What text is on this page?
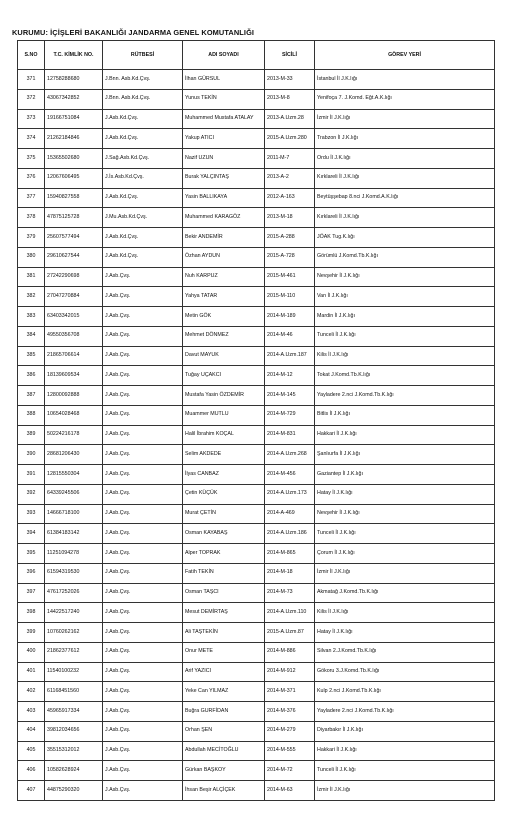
KURUMU: İÇİŞLERİ BAKANLIĞI JANDARMA GENEL KOMUTANLIĞI
S.NO	T.C. KİMLİK NO.	RÜTBESİ	ADI SOYADI	SİCİLİ	GÖREV YERİ
371	12758288680	J.Bnn. Asb.Kd.Çvş.	İlhan GÜRSUL	2013-M-33	İstanbul İl J.K.lığı
372	43067342852	J.Bnn. Asb.Kd.Çvş.	Yunus TEKİN	2013-M-8	Yenifoça 7. J.Komd. Eğt.A.K.lığı
373	19166751084	J.Asb.Kd.Çvş.	Muhammed Mustafa ATALAY	2013-A.Uzm.28	İzmir İl J.K.lığı
374	21262184846	J.Asb.Kd.Çvş.	Yakup ATICI	2015-A.Uzm.280	Trabzon İl J.K.lığı
375	15365502680	J.Sağ.Asb.Kd.Çvş.	Nazif UZUN	2011-M-7	Ordu İl J.K.lığı
376	12067606495	J.İs.Asb.Kd.Çvş.	Burak YALÇINTAŞ	2013-A-2	Kırklareli İl J.K.lığı
377	15940827558	J.Asb.Kd.Çvş.	Yasin BALLIKAYA	2012-A-163	Beytüşşebap 8.nci J.Komd.A.K.lığı
378	47875125728	J.Mu.Asb.Kd.Çvş.	Muhammed KARAGÖZ	2013-M-18	Kırklareli İl J.K.lığı
379	25607577494	J.Asb.Kd.Çvş.	Bekir ANDEMİR	2015-A-288	JÖAK Tug.K.lığı
380	29610627544	J.Asb.Kd.Çvş.	Özhan AYDUN	2015-A-728	Görümlü J.Komd.Tb.K.lığı
381	27242290698	J.Asb.Çvş.	Nuh KARPUZ	2015-M-461	Nevşehir İl J.K.lığı
382	27047270884	J.Asb.Çvş.	Yahya TATAR	2015-M-110	Van İl J.K.lığı
383	63403342015	J.Asb.Çvş.	Metin GÖK	2014-M-189	Mardin İl J.K.lığı
384	49550356708	J.Asb.Çvş.	Mehmet DÖNMEZ	2014-M-46	Tunceli İl J.K.lığı
385	21865706614	J.Asb.Çvş.	Davut MAYUK	2014-A.Uzm.187	Kilis İl J.K.lığı
386	18139609534	J.Asb.Çvş.	Tuğay UÇAKCI	2014-M-12	Tokat J.Komd.Tb.K.lığı
387	12800092888	J.Asb.Çvş.	Mustafa Yasin ÖZDEMİR	2014-M-145	Yayladere 2.nci J.Komd.Tb.K.lığı
388	10654028468	J.Asb.Çvş.	Muammer MUTLU	2014-M-729	Bitlis İl J.K.lığı
389	50224216178	J.Asb.Çvş.	Halil İbrahim KOÇAL	2014-M-831	Hakkari İl J.K.lığı
390	28681206430	J.Asb.Çvş.	Selim AKDEDE	2014-A.Uzm.268	Şanlıurfa İl J.K.lığı
391	12815550304	J.Asb.Çvş.	İlyas CANBAZ	2014-M-456	Gaziantep İl J.K.lığı
392	64339245506	J.Asb.Çvş.	Çetin KÜÇÜK	2014-A.Uzm.173	Hatay İl J.K.lığı
393	14666718100	J.Asb.Çvş.	Murat ÇETİN	2014-A-469	Nevşehir İl J.K.lığı
394	61384183142	J.Asb.Çvş.	Osman KAYABAŞ	2014-A.Uzm.186	Tunceli İl J.K.lığı
395	11251094278	J.Asb.Çvş.	Alper TOPRAK	2014-M-865	Çorum İl J.K.lığı
396	61594319530	J.Asb.Çvş.	Fatih TEKİN	2014-M-18	İzmir İl J.K.lığı
397	47617252026	J.Asb.Çvş.	Osman TAŞCI	2014-M-73	Akmatağ J.Komd.Tb.K.lığı
398	14422517240	J.Asb.Çvş.	Mesut DEMİRTAŞ	2014-A.Uzm.110	Kilis İl J.K.lığı
399	10760262162	J.Asb.Çvş.	Ali TAŞTEKİN	2015-A.Uzm.87	Hatay İl J.K.lığı
400	21862377612	J.Asb.Çvş.	Onur METE	2014-M-886	Silvan 2.J.Komd.Tb.K.lığı
401	11540100232	J.Asb.Çvş.	Arif YAZICI	2014-M-912	Gökoru 3.J.Komd.Tb.K.lığı
402	61168451560	J.Asb.Çvş.	Yeke Can YILMAZ	2014-M-371	Kulp 2.nci J.Komd.Tb.K.lığı
403	45965917334	J.Asb.Çvş.	Buğra GURFİDAN	2014-M-376	Yayladere 2.nci J.Komd.Tb.K.lığı
404	39812034656	J.Asb.Çvş.	Orhan ŞEN	2014-M-279	Diyarbakır İl J.K.lığı
405	35515312012	J.Asb.Çvş.	Abdullah MECİTOĞLU	2014-M-555	Hakkari İl J.K.lığı
406	10582628924	J.Asb.Çvş.	Gürkan BAŞKOY	2014-M-72	Tunceli İl J.K.lığı
407	44875290320	J.Asb.Çvş.	İhsan Beşir ALÇİÇEK	2014-M-63	İzmir İl J.K.lığı
